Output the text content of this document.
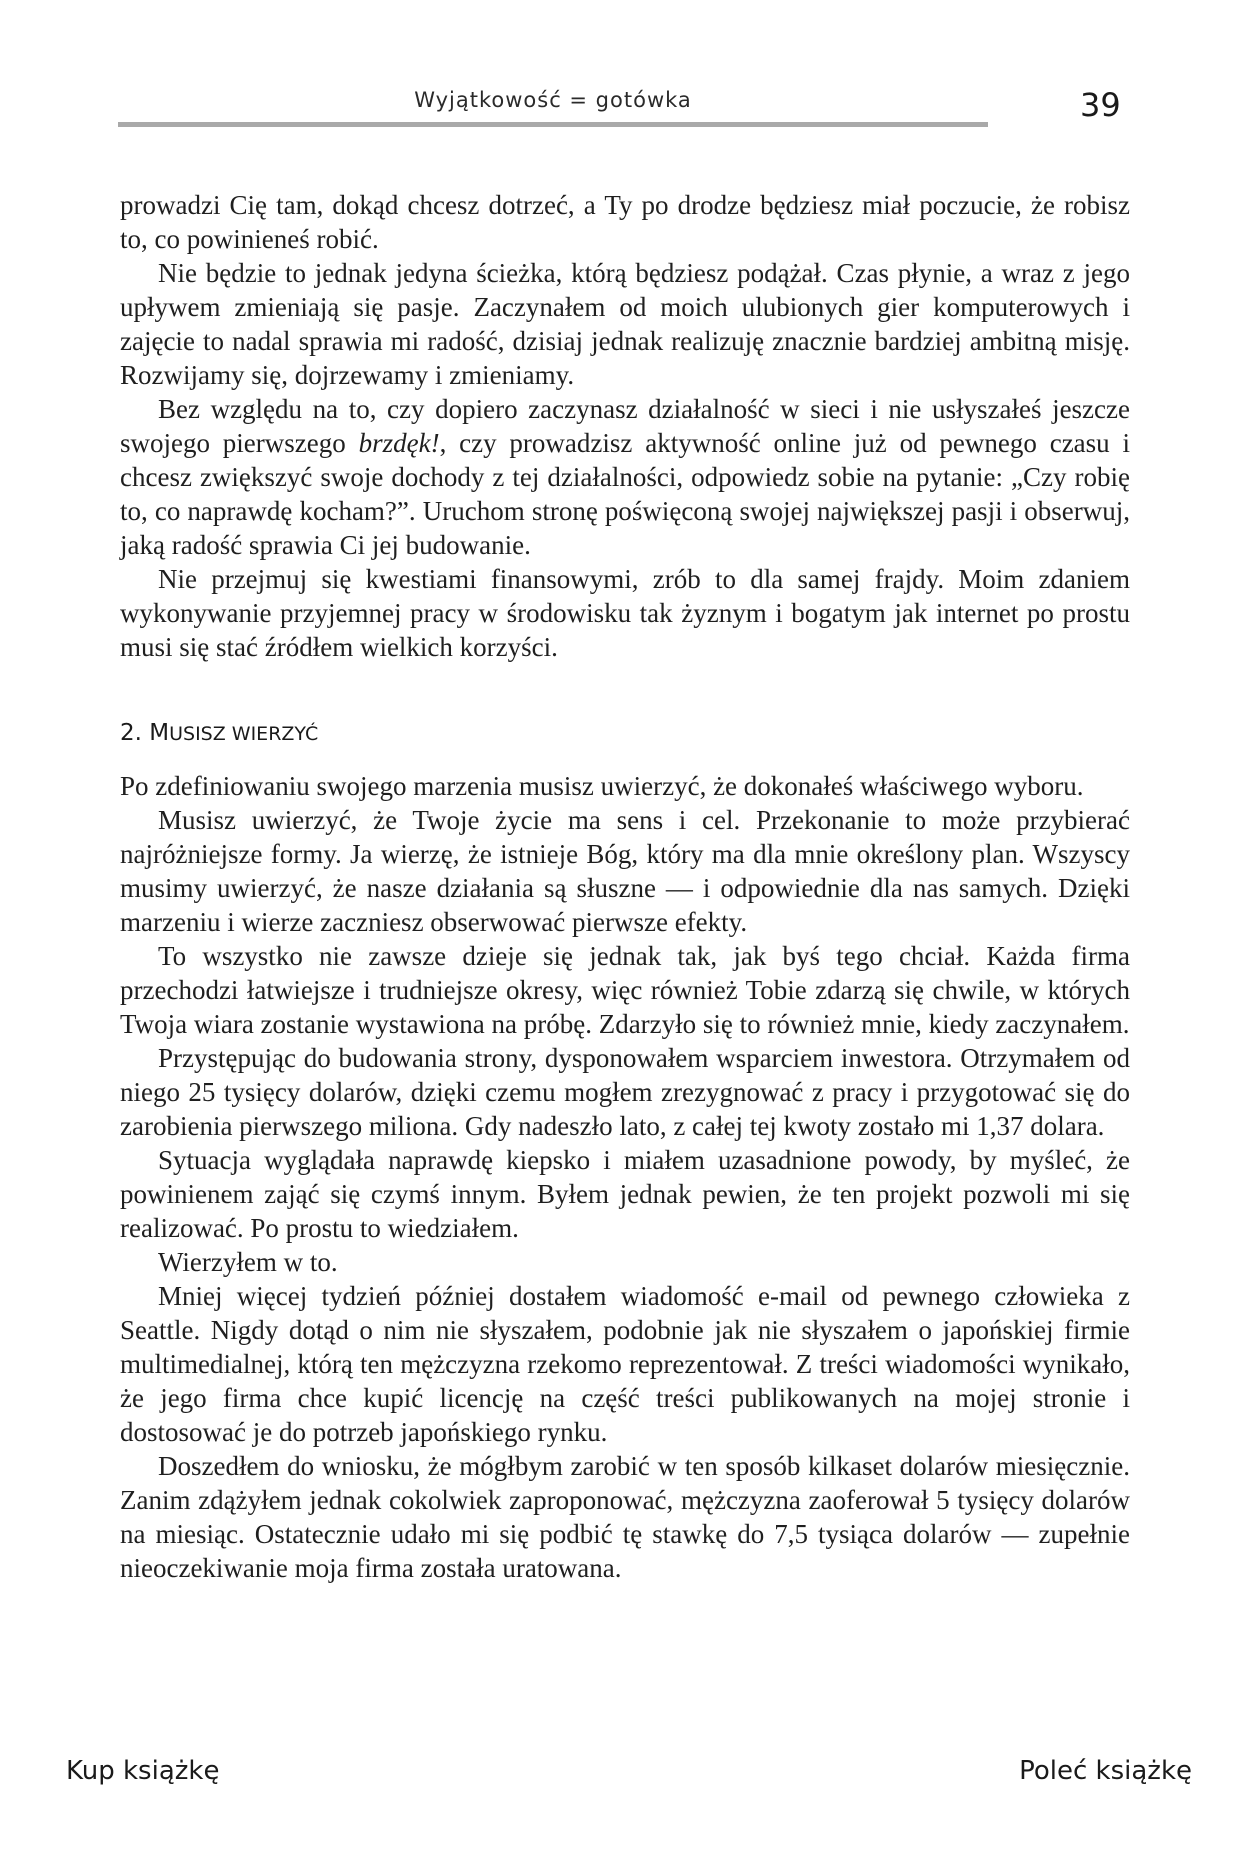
Wyjątkowość = gotówka	39

prowadzi Cię tam, dokąd chcesz dotrzeć, a Ty po drodze będziesz miał poczucie, że robisz to, co powinieneś robić.

Nie będzie to jednak jedyna ścieżka, którą będziesz podążał. Czas płynie, a wraz z jego upływem zmieniają się pasje. Zaczynałem od moich ulubionych gier komputerowych i zajęcie to nadal sprawia mi radość, dzisiaj jednak realizuję znacznie bardziej ambitną misję. Rozwijamy się, dojrzewamy i zmieniamy.

Bez względu na to, czy dopiero zaczynasz działalność w sieci i nie usłyszałeś jeszcze swojego pierwszego brzdęk!, czy prowadzisz aktywność online już od pewnego czasu i chcesz zwiększyć swoje dochody z tej działalności, odpowiedz sobie na pytanie: „Czy robię to, co naprawdę kocham?”. Uruchom stronę poświęconą swojej największej pasji i obserwuj, jaką radość sprawia Ci jej budowanie.

Nie przejmuj się kwestiami finansowymi, zrób to dla samej frajdy. Moim zdaniem wykonywanie przyjemnej pracy w środowisku tak żyznym i bogatym jak internet po prostu musi się stać źródłem wielkich korzyści.

2. MUSISZ WIERZYĆ

Po zdefiniowaniu swojego marzenia musisz uwierzyć, że dokonałeś właściwego wyboru.

Musisz uwierzyć, że Twoje życie ma sens i cel. Przekonanie to może przybierać najróżniejsze formy. Ja wierzę, że istnieje Bóg, który ma dla mnie określony plan. Wszyscy musimy uwierzyć, że nasze działania są słuszne — i odpowiednie dla nas samych. Dzięki marzeniu i wierze zaczniesz obserwować pierwsze efekty.

To wszystko nie zawsze dzieje się jednak tak, jak byś tego chciał. Każda firma przechodzi łatwiejsze i trudniejsze okresy, więc również Tobie zdarzą się chwile, w których Twoja wiara zostanie wystawiona na próbę. Zdarzyło się to również mnie, kiedy zaczynałem.

Przystępując do budowania strony, dysponowałem wsparciem inwestora. Otrzymałem od niego 25 tysięcy dolarów, dzięki czemu mogłem zrezygnować z pracy i przygotować się do zarobienia pierwszego miliona. Gdy nadeszło lato, z całej tej kwoty zostało mi 1,37 dolara.

Sytuacja wyglądała naprawdę kiepsko i miałem uzasadnione powody, by myśleć, że powinienem zająć się czymś innym. Byłem jednak pewien, że ten projekt pozwoli mi się realizować. Po prostu to wiedziałem.

Wierzyłem w to.

Mniej więcej tydzień później dostałem wiadomość e-mail od pewnego człowieka z Seattle. Nigdy dotąd o nim nie słyszałem, podobnie jak nie słyszałem o japońskiej firmie multimedialnej, którą ten mężczyzna rzekomo reprezentował. Z treści wiadomości wynikało, że jego firma chce kupić licencję na część treści publikowanych na mojej stronie i dostosować je do potrzeb japońskiego rynku.

Doszedłem do wniosku, że mógłbym zarobić w ten sposób kilkaset dolarów miesięcznie. Zanim zdążyłem jednak cokolwiek zaproponować, mężczyzna zaoferował 5 tysięcy dolarów na miesiąc. Ostatecznie udało mi się podbić tę stawkę do 7,5 tysiąca dolarów — zupełnie nieoczekiwanie moja firma została uratowana.

Kup książkę	Poleć książkę
